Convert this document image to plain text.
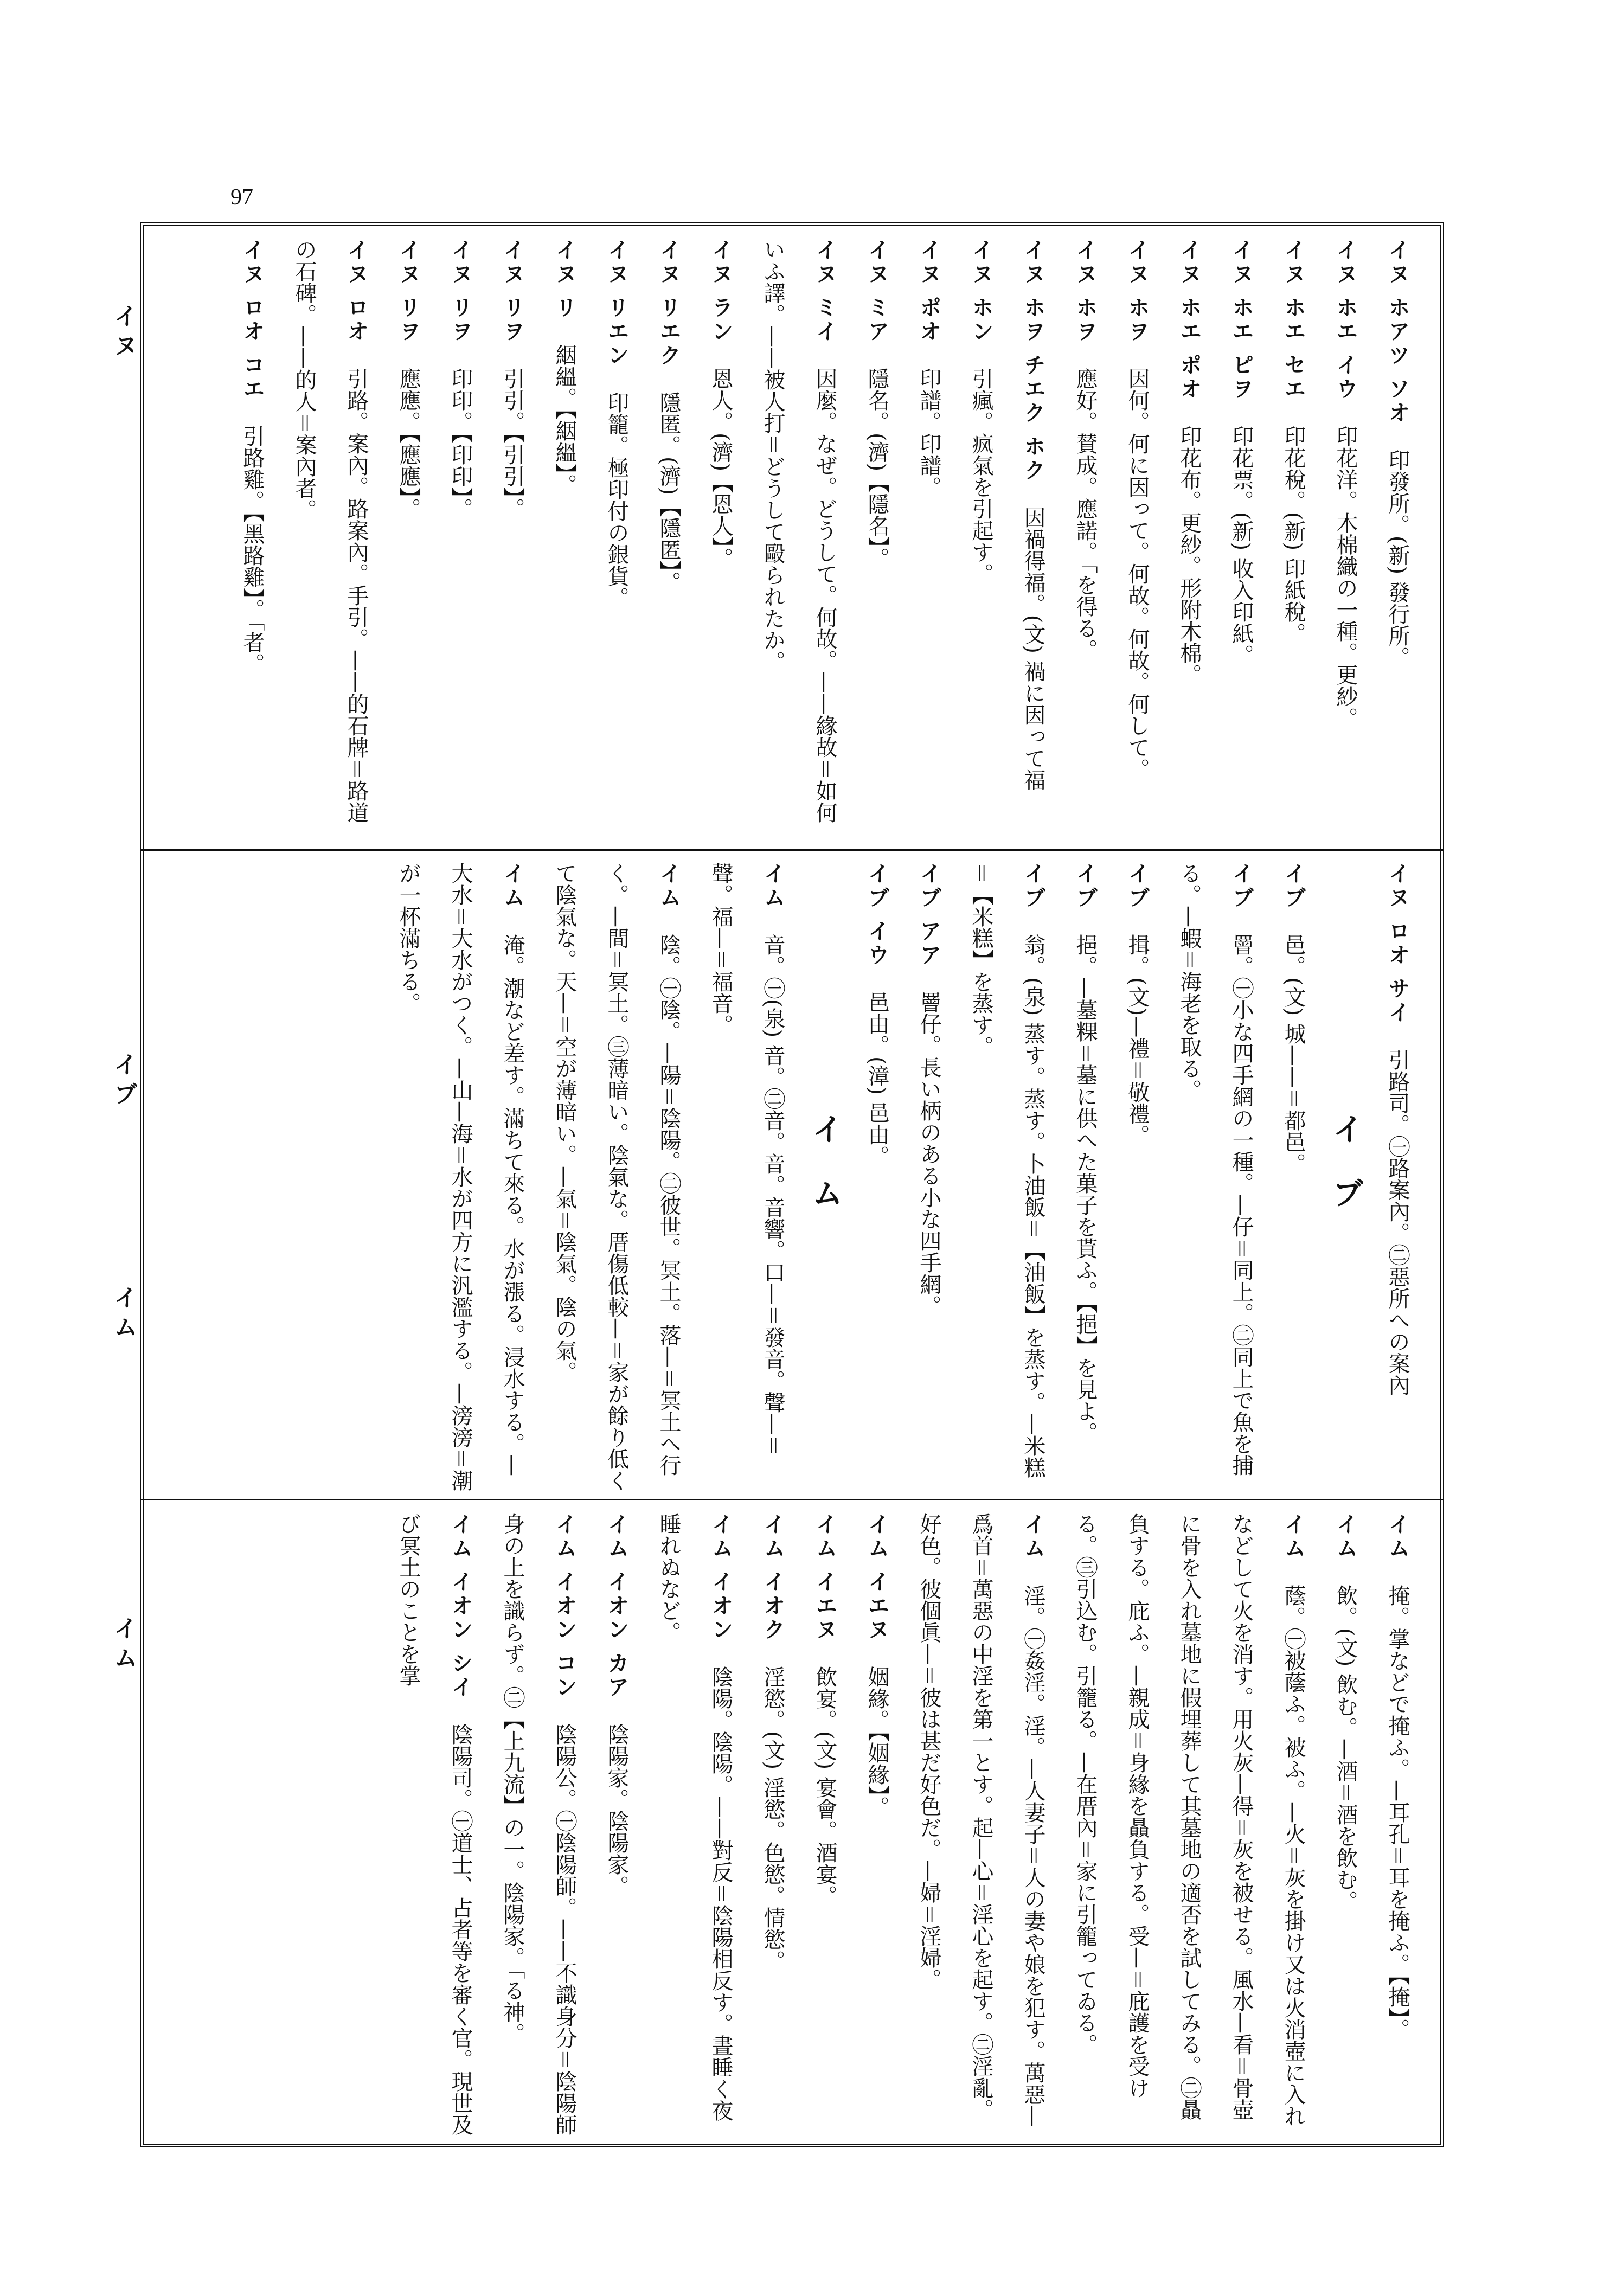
97
イヌ
イブ
イム
イム
イヌ ホアツ ソオ印發所。(新) 發行所。
イヌ ホエ イウ印花洋。木棉織の一種。更紗。
イヌ ホエ セエ印花稅。(新) 印紙稅。
イヌ ホエ ピヲ印花票。(新) 收入印紙。
イヌ ホエ ポオ印花布。更紗。形附木棉。
イヌ ホヲ因何。何に因って。何故。何故。何して。
イヌ ホヲ應好。賛成。應諾。「を得る。
イヌ ホヲ チエク ホク因禍得福。(文) 禍に因って福
イヌ ホン引瘋。疯氣を引起す。
イヌ ポオ印譜。印譜。
イヌ ミア隱名。(濟)【隱名】。
イヌ ミイ因麼。なぜ。どうして。何故。——緣故＝如何いふ譯。——被人打＝どうして毆られたか。
イヌ ラン恩人。(濟)【恩人】。
イヌ リエク隱匿。(濟)【隱匿】。
イヌ リエン印籠。極印付の銀貨。
イヌ リ絪縕。【絪縕】。
イヌ リヲ引引。【引引】。
イヌ リヲ印印。【印印】。
イヌ リヲ應應。【應應】。
イヌ ロオ引路。案內。路案內。手引。——的石牌＝路道の石碑。——的人＝案內者。
イヌ ロオ コエ引路雞。【黑路雞】。「者。
イヌ ロオ サイ引路司。㊀路案內。㊁惡所への案內
イブ
イブ邑。(文) 城——＝都邑。
イブ罾。㊀小な四手網の一種。—仔＝同上。㊁同上で魚を捕る。—蝦＝海老を取る。
イブ揖。(文)—禮＝敬禮。
イブ挹。—墓粿＝墓に供へた菓子を貰ふ。【挹】を見よ。
イブ翁。(泉) 蒸す。蒸す。卜油飯＝【油飯】を蒸す。—米糕＝【米糕】を蒸す。
イブ アア罾仔。長い柄のある小な四手網。
イブ イウ邑由。(漳) 邑由。
イム
イム音。㊀(泉) 音。㊁音。音。音響。口—＝發音。聲—＝聲。福—＝福音。
イム陰。㊀陰。—陽＝陰陽。㊁彼世。冥土。落—＝冥土へ行く。—間＝冥土。㊂薄暗い。陰氣な。厝傷低較—＝家が餘り低くて陰氣な。天—＝空が薄暗い。—氣＝陰氣。陰の氣。
イム淹。潮など差す。滿ちて來る。水が漲る。浸水する。—大水＝大水がつく。—山—海＝水が四方に汎濫する。—滂滂＝潮が一杯滿ちる。
イム掩。掌などで掩ふ。—耳孔＝耳を掩ふ。【掩】。
イム飲。(文) 飲む。—酒＝酒を飲む。
イム蔭。㊀被蔭ふ。被ふ。—火＝灰を掛け又は火消壺に入れなどして火を消す。用火灰—得＝灰を被せる。風水—看＝骨壺に骨を入れ墓地に假埋葬して其墓地の適否を試してみる。㊁贔負する。庇ふ。—親成＝身緣を贔負する。受—＝庇護を受ける。㊂引込む。引籠る。—在厝內＝家に引籠ってゐる。
イム淫。㊀姦淫。淫。—人妻子＝人の妻や娘を犯す。萬惡—爲首＝萬惡の中淫を第一とす。起—心＝淫心を起す。㊁淫亂。好色。彼個眞—＝彼は甚だ好色だ。—婦＝淫婦。
イム イエヌ姻緣。【姻緣】。
イム イエヌ飲宴。(文) 宴會。酒宴。
イム イオク淫慾。(文) 淫慾。色慾。情慾。
イム イオン陰陽。陰陽。——對反＝陰陽相反す。晝睡く夜睡れぬなど。
イム イオン カア陰陽家。陰陽家。
イム イオン コン陰陽公。㊀陰陽師。——不識身分＝陰陽師身の上を識らず。㊁【上九流】の一。陰陽家。「る神。
イム イオン シイ陰陽司。㊀道士、占者等を審く官。現世及び冥土のことを掌
